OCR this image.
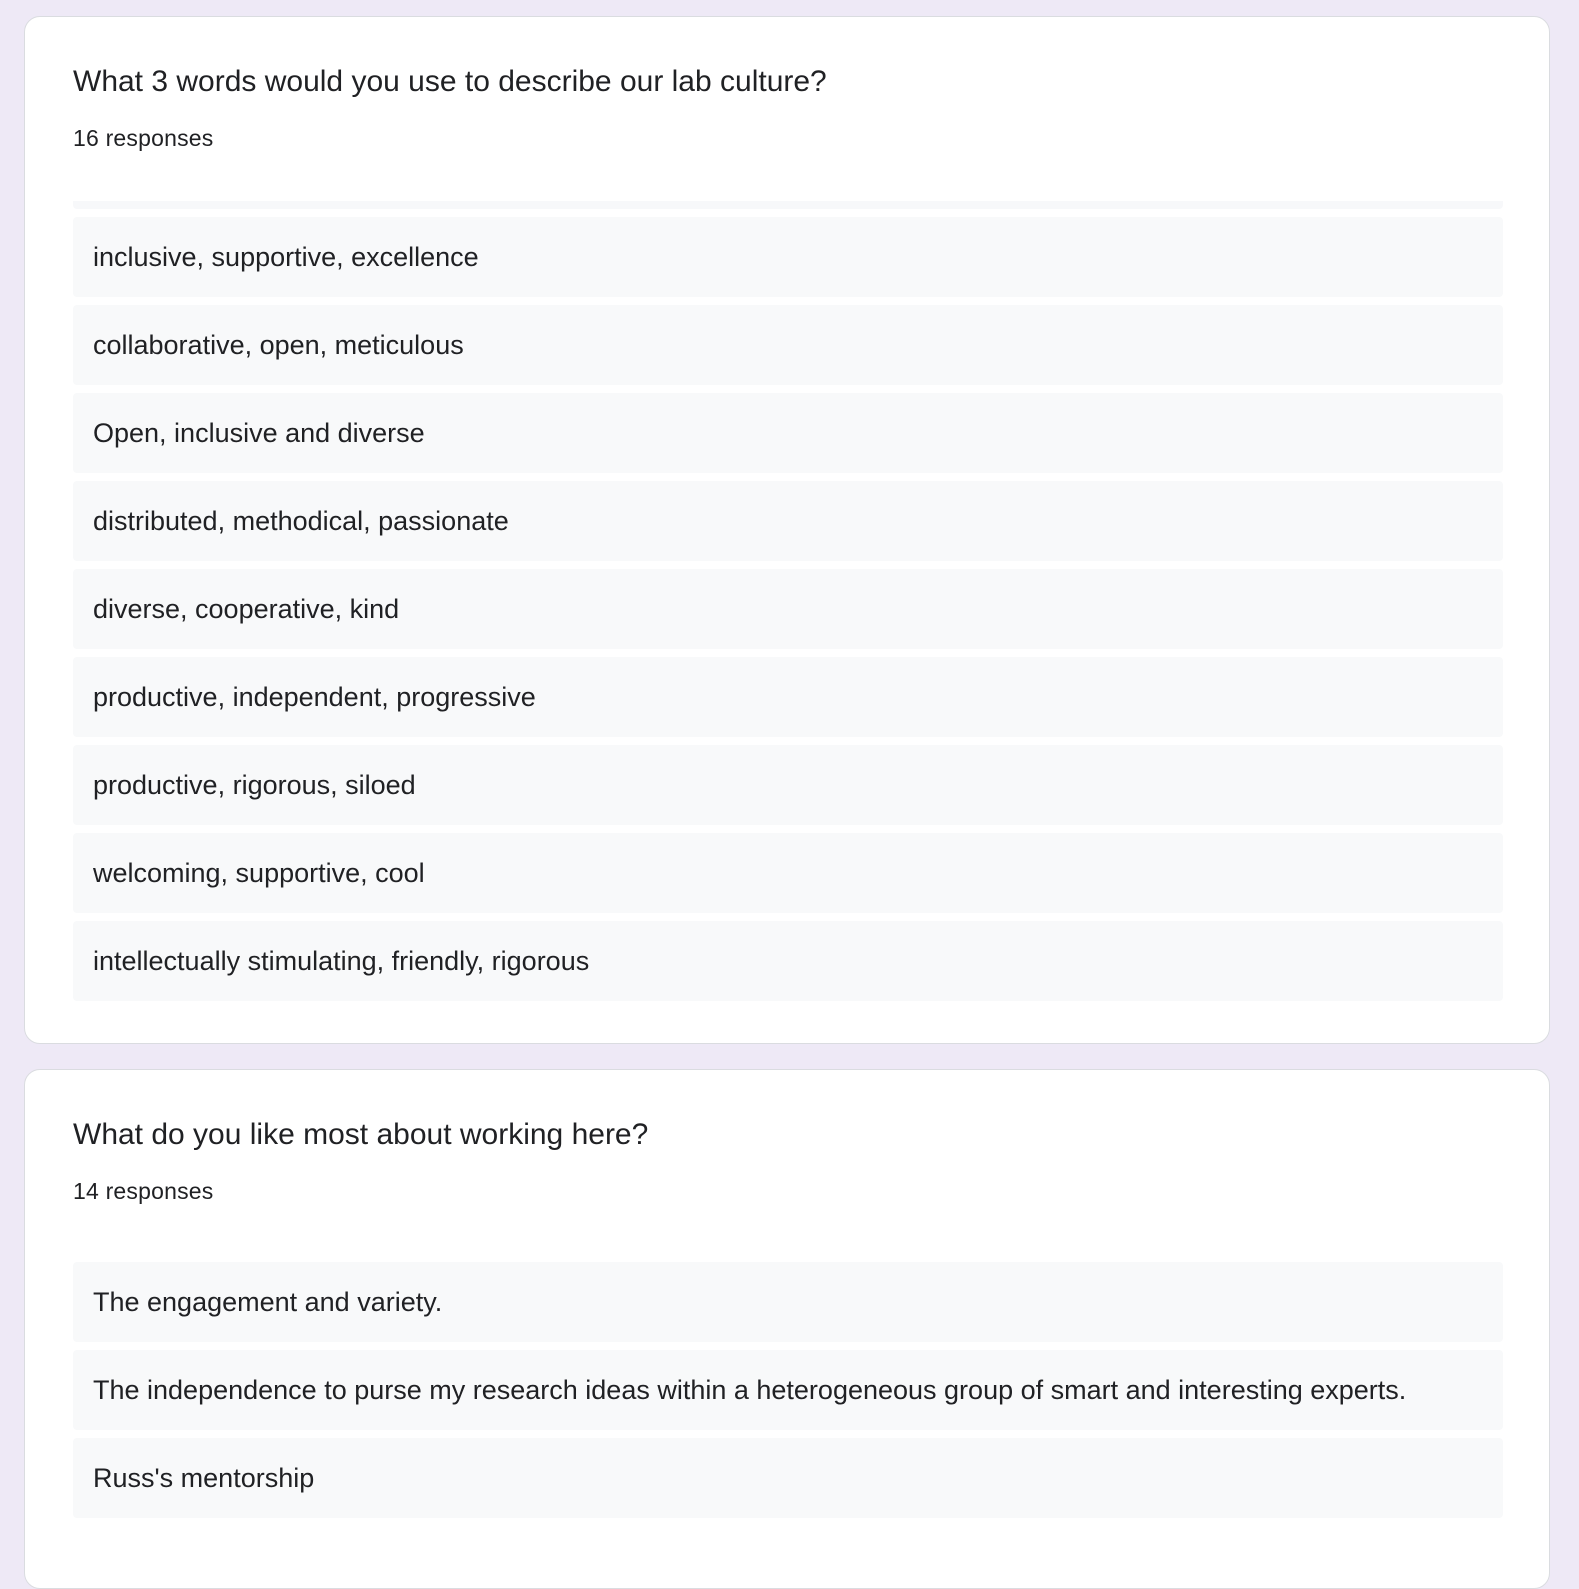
What 3 words would you use to describe our lab culture?
16 responses
inclusive, supportive, excellence
collaborative, open, meticulous
Open, inclusive and diverse
distributed, methodical, passionate
diverse, cooperative, kind
productive, independent, progressive
productive, rigorous, siloed
welcoming, supportive, cool
intellectually stimulating, friendly, rigorous
What do you like most about working here?
14 responses
The engagement and variety.
The independence to purse my research ideas within a heterogeneous group of smart and interesting experts.
Russ's mentorship
